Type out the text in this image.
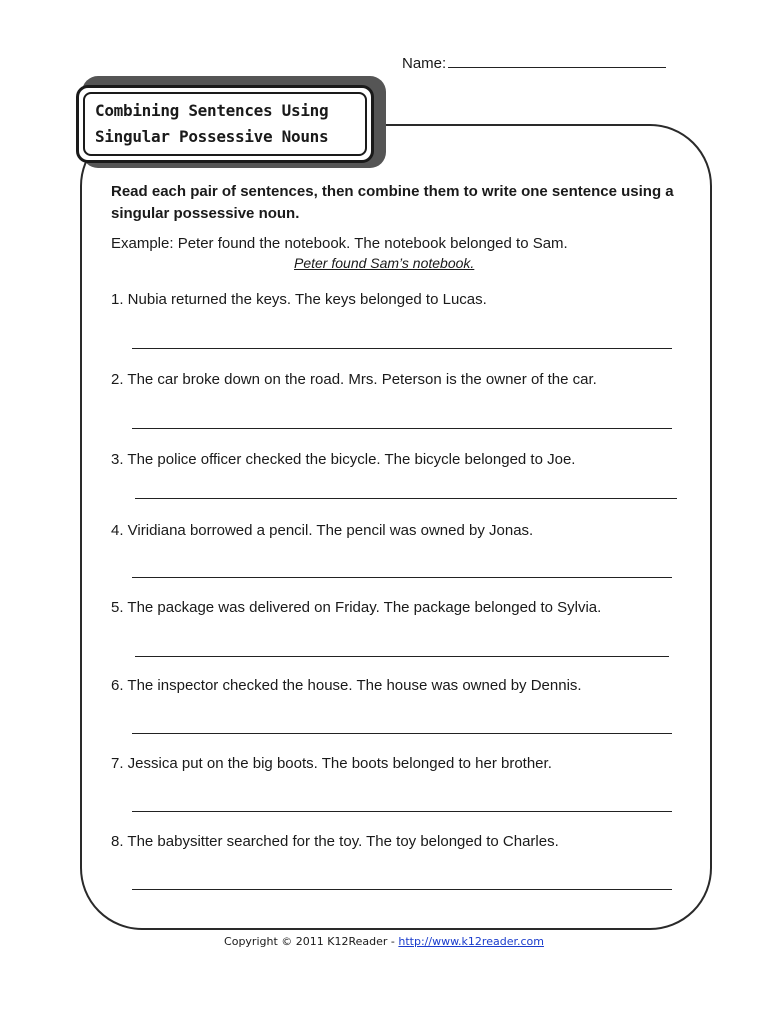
Name:
Combining Sentences Using
Singular Possessive Nouns
Read each pair of sentences, then combine them to write one sentence using a singular possessive noun.
Example: Peter found the notebook. The notebook belonged to Sam.
Peter found Sam’s notebook.
1. Nubia returned the keys. The keys belonged to Lucas.
2. The car broke down on the road. Mrs. Peterson is the owner of the car.
3. The police officer checked the bicycle. The bicycle belonged to Joe.
4. Viridiana borrowed a pencil. The pencil was owned by Jonas.
5. The package was delivered on Friday. The package belonged to Sylvia.
6. The inspector checked the house. The house was owned by Dennis.
7. Jessica put on the big boots. The boots belonged to her brother.
8. The babysitter searched for the toy. The toy belonged to Charles.
Copyright © 2011 K12Reader - http://www.k12reader.com
